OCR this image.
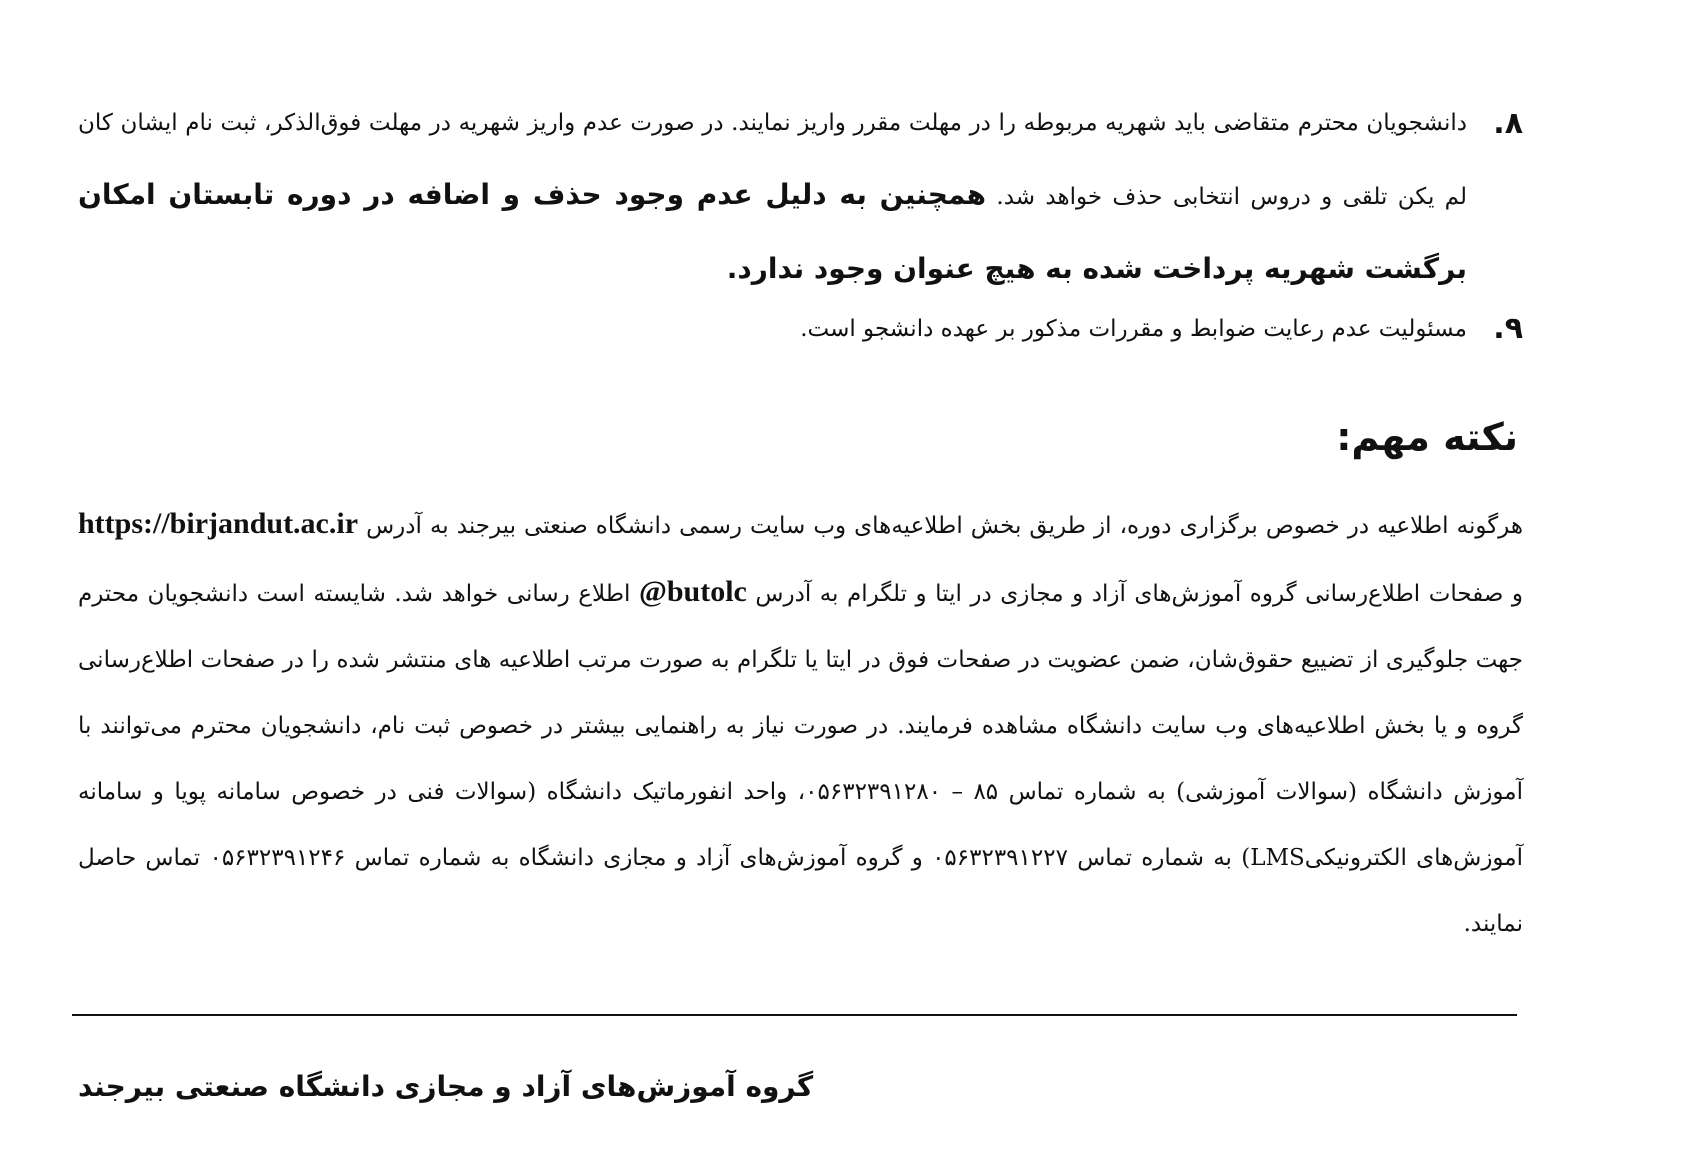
۸.
دانشجویان محترم متقاضی باید شهریه مربوطه را در مهلت مقرر واریز نمایند. در صورت عدم واریز شهریه در مهلت فوق‌الذکر، ثبت نام ایشان کان لم یکن تلقی و دروس انتخابی حذف خواهد شد. همچنین به دلیل عدم وجود حذف و اضافه در دوره تابستان امکان برگشت شهریه پرداخت شده به هیچ عنوان وجود ندارد.
۹.
مسئولیت عدم رعایت ضوابط و مقررات مذکور بر عهده دانشجو است.
نکته مهم:

هرگونه اطلاعیه در خصوص برگزاری دوره، از طریق بخش اطلاعیه‌های وب سایت رسمی دانشگاه صنعتی بیرجند به آدرس https://birjandut.ac.ir و صفحات اطلاع‌رسانی گروه آموزش‌های آزاد و مجازی در ایتا و تلگرام به آدرس @butolc اطلاع رسانی خواهد شد. شایسته است دانشجویان محترم جهت جلوگیری از تضییع حقوق‌شان، ضمن عضویت در صفحات فوق در ایتا یا تلگرام به صورت مرتب اطلاعیه های منتشر شده را در صفحات اطلاع‌رسانی گروه و یا بخش اطلاعیه‌های وب سایت دانشگاه مشاهده فرمایند. در صورت نیاز به راهنمایی بیشتر در خصوص ثبت نام، دانشجویان محترم می‌توانند با آموزش دانشگاه (سوالات آموزشی) به شماره تماس ۸۵ – ۰۵۶۳۲۳۹۱۲۸۰، واحد انفورماتیک دانشگاه (سوالات فنی در خصوص سامانه پویا و سامانه آموزش‌های الکترونیکیLMS) به شماره تماس ۰۵۶۳۲۳۹۱۲۲۷ و گروه آموزش‌های آزاد و مجازی دانشگاه به شماره تماس ۰۵۶۳۲۳۹۱۲۴۶ تماس حاصل نمایند.

گروه آموزش‌های آزاد و مجازی دانشگاه صنعتی بیرجند
